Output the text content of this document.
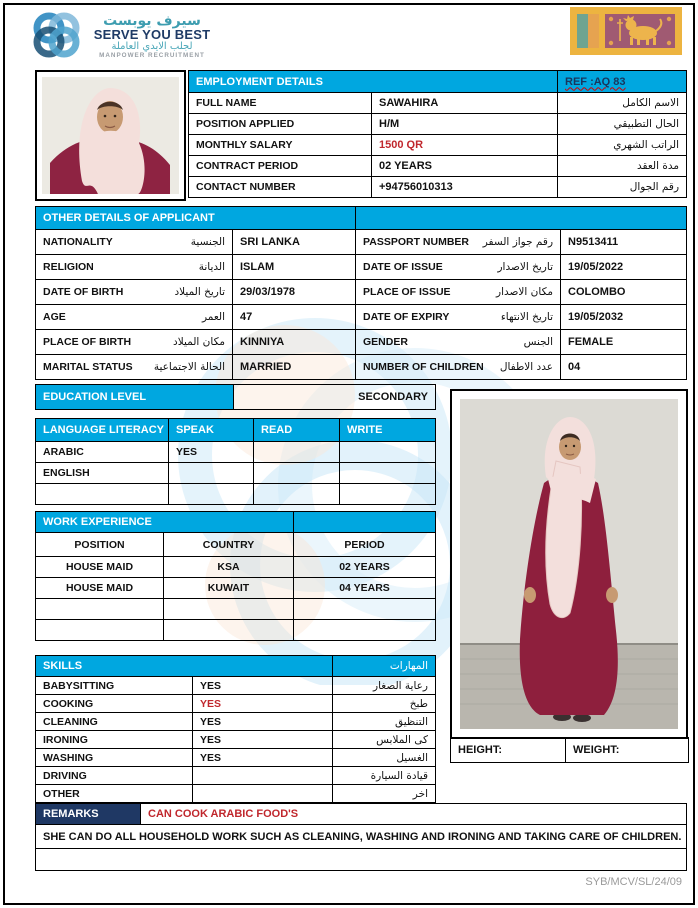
سيرف يوبست
SERVE YOU BEST
لجلب الايدي العاملة
MANPOWER RECRUITMENT
EMPLOYMENT DETAILS		REF :AQ 83
FULL NAME	SAWAHIRA	الاسم الكامل
POSITION APPLIED	H/M	الحال التطبيقي
MONTHLY SALARY	1500 QR	الراتب الشهري
CONTRACT PERIOD	02 YEARS	مدة العقد
CONTACT NUMBER	+94756010313	رقم الجوال
OTHER DETAILS OF APPLICANT			

NATIONALITY الجنسية	SRI LANKA	PASSPORT NUMBER رقم جواز السفر	N9513411

RELIGION الديانة	ISLAM	DATE OF ISSUE تاريخ الاصدار	19/05/2022

DATE OF BIRTH تاريخ الميلاد	29/03/1978	PLACE OF ISSUE مكان الاصدار	COLOMBO

AGE العمر	47	DATE OF EXPIRY تاريخ الانتهاء	19/05/2032

PLACE OF BIRTH مكان الميلاد	KINNIYA	GENDER الجنس	FEMALE

MARITAL STATUS الحالة الاجتماعية	MARRIED	NUMBER OF CHILDREN عدد الاطفال	04
EDUCATION LEVEL	SECONDARY
LANGUAGE LITERACY	SPEAK	READ	WRITE
ARABIC	YES		
ENGLISH			

WORK EXPERIENCE		
POSITION	COUNTRY	PERIOD
HOUSE MAID	KSA	02 YEARS
HOUSE MAID	KUWAIT	04 YEARS

SKILLS		المهارات
BABYSITTING	YES	رعاية الصغار
COOKING	YES	طبخ
CLEANING	YES	التنظيق
IRONING	YES	كى الملابس
WASHING	YES	الغسيل
DRIVING		قيادة السيارة
OTHER		اخر
HEIGHT:	WEIGHT:
REMARKS	CAN COOK ARABIC FOOD'S
SHE CAN DO ALL HOUSEHOLD WORK SUCH AS CLEANING, WASHING AND IRONING AND TAKING CARE OF CHILDREN.

SYB/MCV/SL/24/09
